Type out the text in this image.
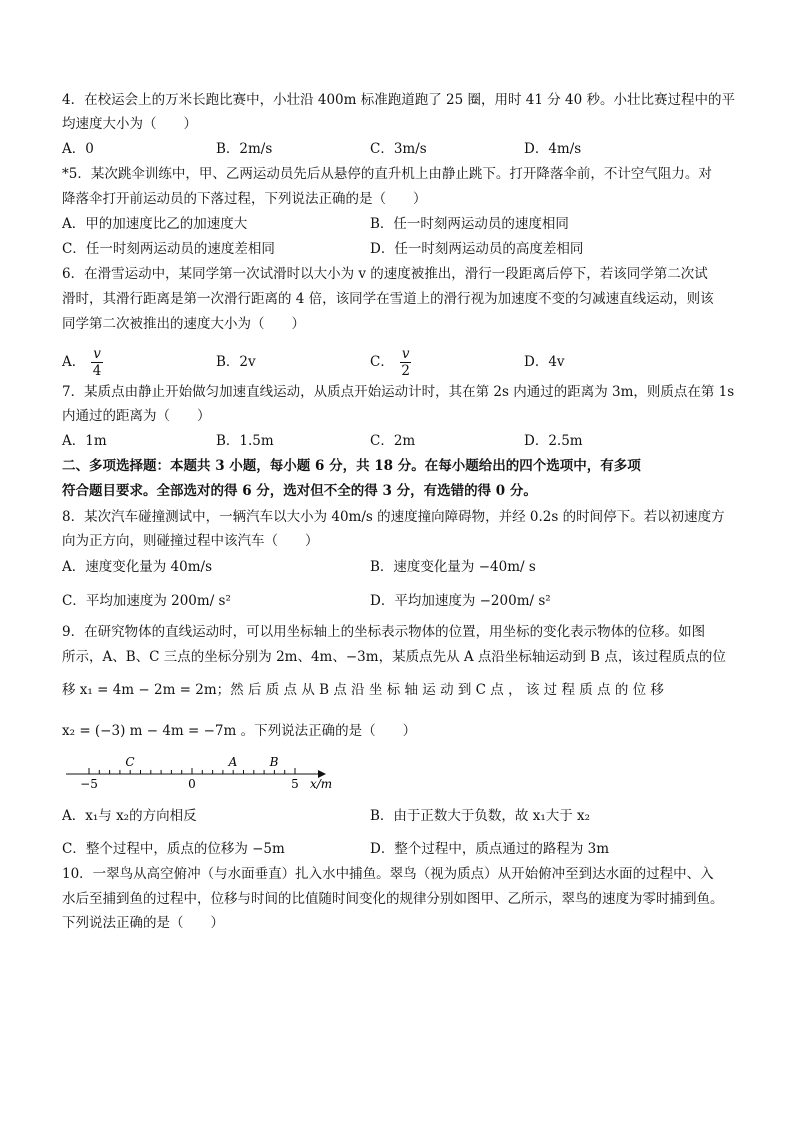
4．在校运会上的万米长跑比赛中，小壮沿 400m 标准跑道跑了 25 圈，用时 41 分 40 秒。小壮比赛过程中的平
均速度大小为（　　）
A．0	B．2m/s	C．3m/s	D．4m/s
*5．某次跳伞训练中，甲、乙两运动员先后从悬停的直升机上由静止跳下。打开降落伞前，不计空气阻力。对
降落伞打开前运动员的下落过程，下列说法正确的是（　　）
A．甲的加速度比乙的加速度大	B．任一时刻两运动员的速度相同
C．任一时刻两运动员的速度差相同	D．任一时刻两运动员的高度差相同
6．在滑雪运动中，某同学第一次试滑时以大小为 v 的速度被推出，滑行一段距离后停下，若该同学第二次试
滑时，其滑行距离是第一次滑行距离的 4 倍，该同学在雪道上的滑行视为加速度不变的匀减速直线运动，则该
同学第二次被推出的速度大小为（　　）
A． $\frac{v}{4}$	B．2v	C． $\frac{v}{2}$	D．4v
7．某质点由静止开始做匀加速直线运动，从质点开始运动计时，其在第 2s 内通过的距离为 3m，则质点在第 1s
内通过的距离为（　　）
A．1m	B．1.5m	C．2m	D．2.5m
二、多项选择题：本题共 3 小题，每小题 6 分，共 18 分。在每小题给出的四个选项中，有多项
符合题目要求。全部选对的得 6 分，选对但不全的得 3 分，有选错的得 0 分。
8．某次汽车碰撞测试中，一辆汽车以大小为 40m/s 的速度撞向障碍物，并经 0.2s 的时间停下。若以初速度方
向为正方向，则碰撞过程中该汽车（　　）
A．速度变化量为 40m/s	B．速度变化量为 −40m/ s
C．平均加速度为 200m/ s²	D．平均加速度为 −200m/ s²
9．在研究物体的直线运动时，可以用坐标轴上的坐标表示物体的位置，用坐标的变化表示物体的位移。如图
所示，A、B、C 三点的坐标分别为 2m、4m、−3m，某质点先从 A 点沿坐标轴运动到 B 点，该过程质点的位
移 x₁ = 4m − 2m = 2m；然 后 质 点 从 B 点 沿 坐 标 轴 运 动 到 C 点 ， 该 过 程 质 点 的 位 移
x₂ = (−3) m − 4m = −7m 。下列说法正确的是（　　）
−5	0	5 x/m
C	A	B
A．x₁与 x₂的方向相反	B．由于正数大于负数，故 x₁大于 x₂
C．整个过程中，质点的位移为 −5m	D．整个过程中，质点通过的路程为 3m
10．一翠鸟从高空俯冲（与水面垂直）扎入水中捕鱼。翠鸟（视为质点）从开始俯冲至到达水面的过程中、入
水后至捕到鱼的过程中，位移与时间的比值随时间变化的规律分别如图甲、乙所示，翠鸟的速度为零时捕到鱼。
下列说法正确的是（　　）
